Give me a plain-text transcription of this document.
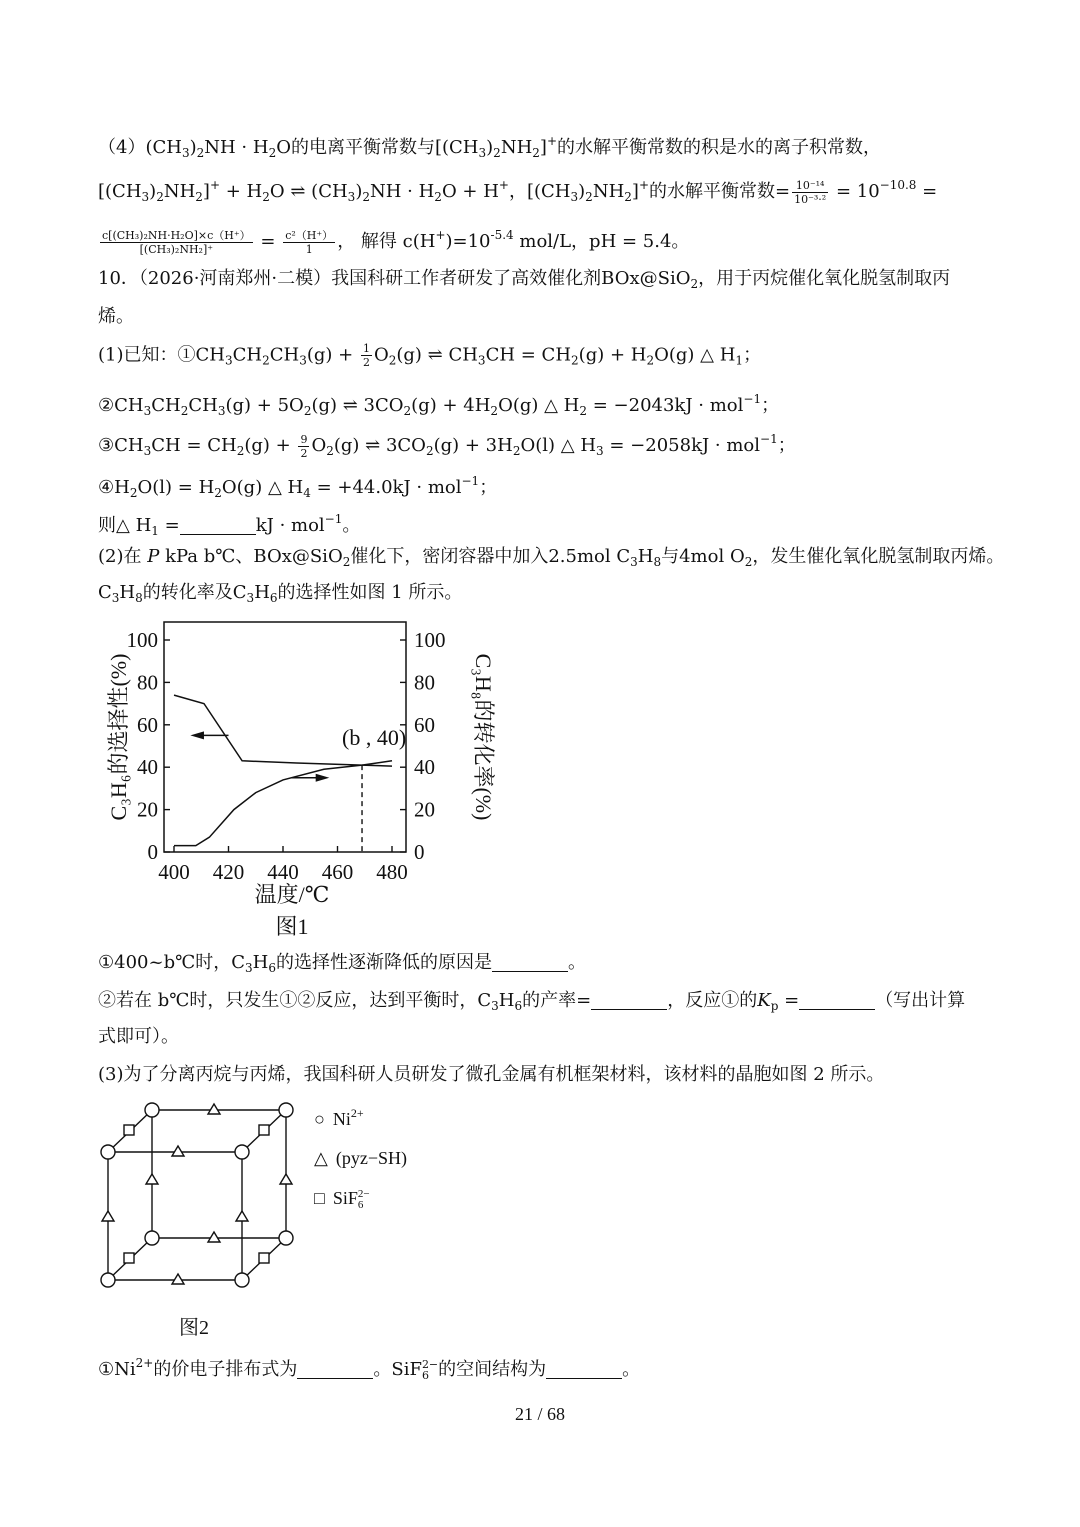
$(4)(CH_3)_2NH \cdot H_2O$的电离平衡常数与$[(CH_3)_2NH_2]^+$的水解平衡常数的积是水的离子积常数，
$[(CH_3)_2NH_2]^+ + H_2O$ ⇌ $(CH_3)_2NH \cdot H_2O + H^+$，$[(CH_3)_2NH_2]^+$的水解平衡常数= $\frac{\text{10⁻¹⁴}}{\text{10⁻³·²}} = 10^{-10.8}$ =
$\frac{\text{c[(CH₃)₂NH·H₂O]×c（H⁺）}}{\text{[(CH₃)₂NH₂]⁺}} = \frac{\text{c²（H⁺）}}{1}$ ， 解得 $c(H^+)=10^{-5.4}$ mol/L，pH = 5.4。
10．（2026·河南郑州·二模）我国科研工作者研发了高效催化剂BOx@SiO$_2$，用于丙烷催化氧化脱氢制取丙
烯。
(1)已知：$①CH_3CH_2CH_3(g) + \frac{1}{2} O_2(g)$ ⇌ $CH_3CH = CH_2(g) + H_2O(g)$ △ $H_1$；
$②CH_3CH_2CH_3(g) + 5O_2(g)$ ⇌ $3CO_2(g) + 4H_2O(g)$ △ $H_2 = -2043kJ \cdot mol^{-1}$；
$③CH_3CH = CH_2(g) + \frac{9}{2} O_2(g)$ ⇌ $3CO_2(g) + 3H_2O(l)$ △ $H_3 = -2058kJ \cdot mol^{-1}$；
$④H_2O(l) = H_2O(g)$ △ $H_4 = +44.0kJ \cdot mol^{-1}$；
则△ $H_1$ =	kJ · mol$^{-1}$。
(2)在 P kPa b℃、BOx@SiO$_2$催化下，密闭容器中加入2.5mol $C_3H_8$与4mol $O_2$，发生催化氧化脱氢制取丙烯。
$C_3H_8$的转化率及$C_3H_6$的选择性如图 1 所示。
0	0
20	20
40	40
60	60
80	80
100	100
400 420 440 460 480
C₃H₆的选择性(%)	C₃H₈的转化率(%)
温度/℃
图1
(b , 40)
①400~b℃时，$C_3H_6$的选择性逐渐降低的原因是	。
②若在 b℃时，只发生①②反应，达到平衡时，$C_3H_6$的产率=	，反应①的$K_p$ =	（写出计算
式即可）。
(3)为了分离丙烷与丙烯，我国科研人员研发了微孔金属有机框架材料，该材料的晶胞如图 2 所示。
图2
○ $Ni^{2+}$
△ (pyz−SH)
□ SiF 2−
6
$①Ni^{2+}$的价电子排布式为	。SiF 2−
6 的空间结构为	。
21 / 68
